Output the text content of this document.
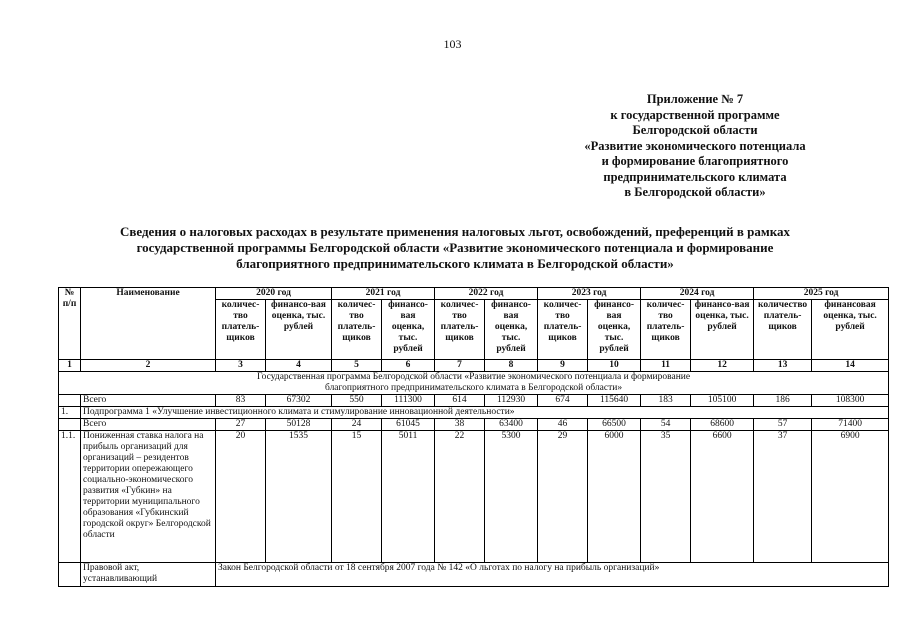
103
Приложение № 7
к государственной программе
Белгородской области
«Развитие экономического потенциала
и формирование благоприятного
предпринимательского климата
в Белгородской области»
Сведения о налоговых расходах в результате применения налоговых льгот, освобождений, преференций в рамках
государственной программы Белгородской области «Развитие экономического потенциала и формирование
благоприятного предпринимательского климата в Белгородской области»
№ п/п	Наименование	2020 год		2021 год		2022 год		2023 год		2024 год		2025 год	
		количес-тво платель-щиков	финансо-вая оценка, тыс. рублей	количес-тво платель-щиков	финансо-вая оценка, тыс. рублей	количес-тво платель-щиков	финансо-вая оценка, тыс. рублей	количес-тво платель-щиков	финансо-вая оценка, тыс. рублей	количес-тво платель-щиков	финансо-вая оценка, тыс. рублей	количество платель-щиков	финансовая оценка, тыс. рублей
1	2	3	4	5	6	7	8	9	10	11	12	13	14
Государственная программа Белгородской области «Развитие экономического потенциала и формирование благоприятного предпринимательского климата в Белгородской области»													
	Всего	83	67302	550	111300	614	112930	674	115640	183	105100	186	108300
1.	Подпрограмма 1 «Улучшение инвестиционного климата и стимулирование инновационной деятельности»												
	Всего	27	50128	24	61045	38	63400	46	66500	54	68600	57	71400
1.1.	Пониженная ставка налога на прибыль организаций для организаций – резидентов территории опережающего социально-экономического развития «Губкин» на территории муниципального образования «Губкинский городской округ» Белгородской области	20	1535	15	5011	22	5300	29	6000	35	6600	37	6900
	Правовой акт, устанавливающий	Закон Белгородской области от 18 сентября 2007 года № 142 «О льготах по налогу на прибыль организаций»											
